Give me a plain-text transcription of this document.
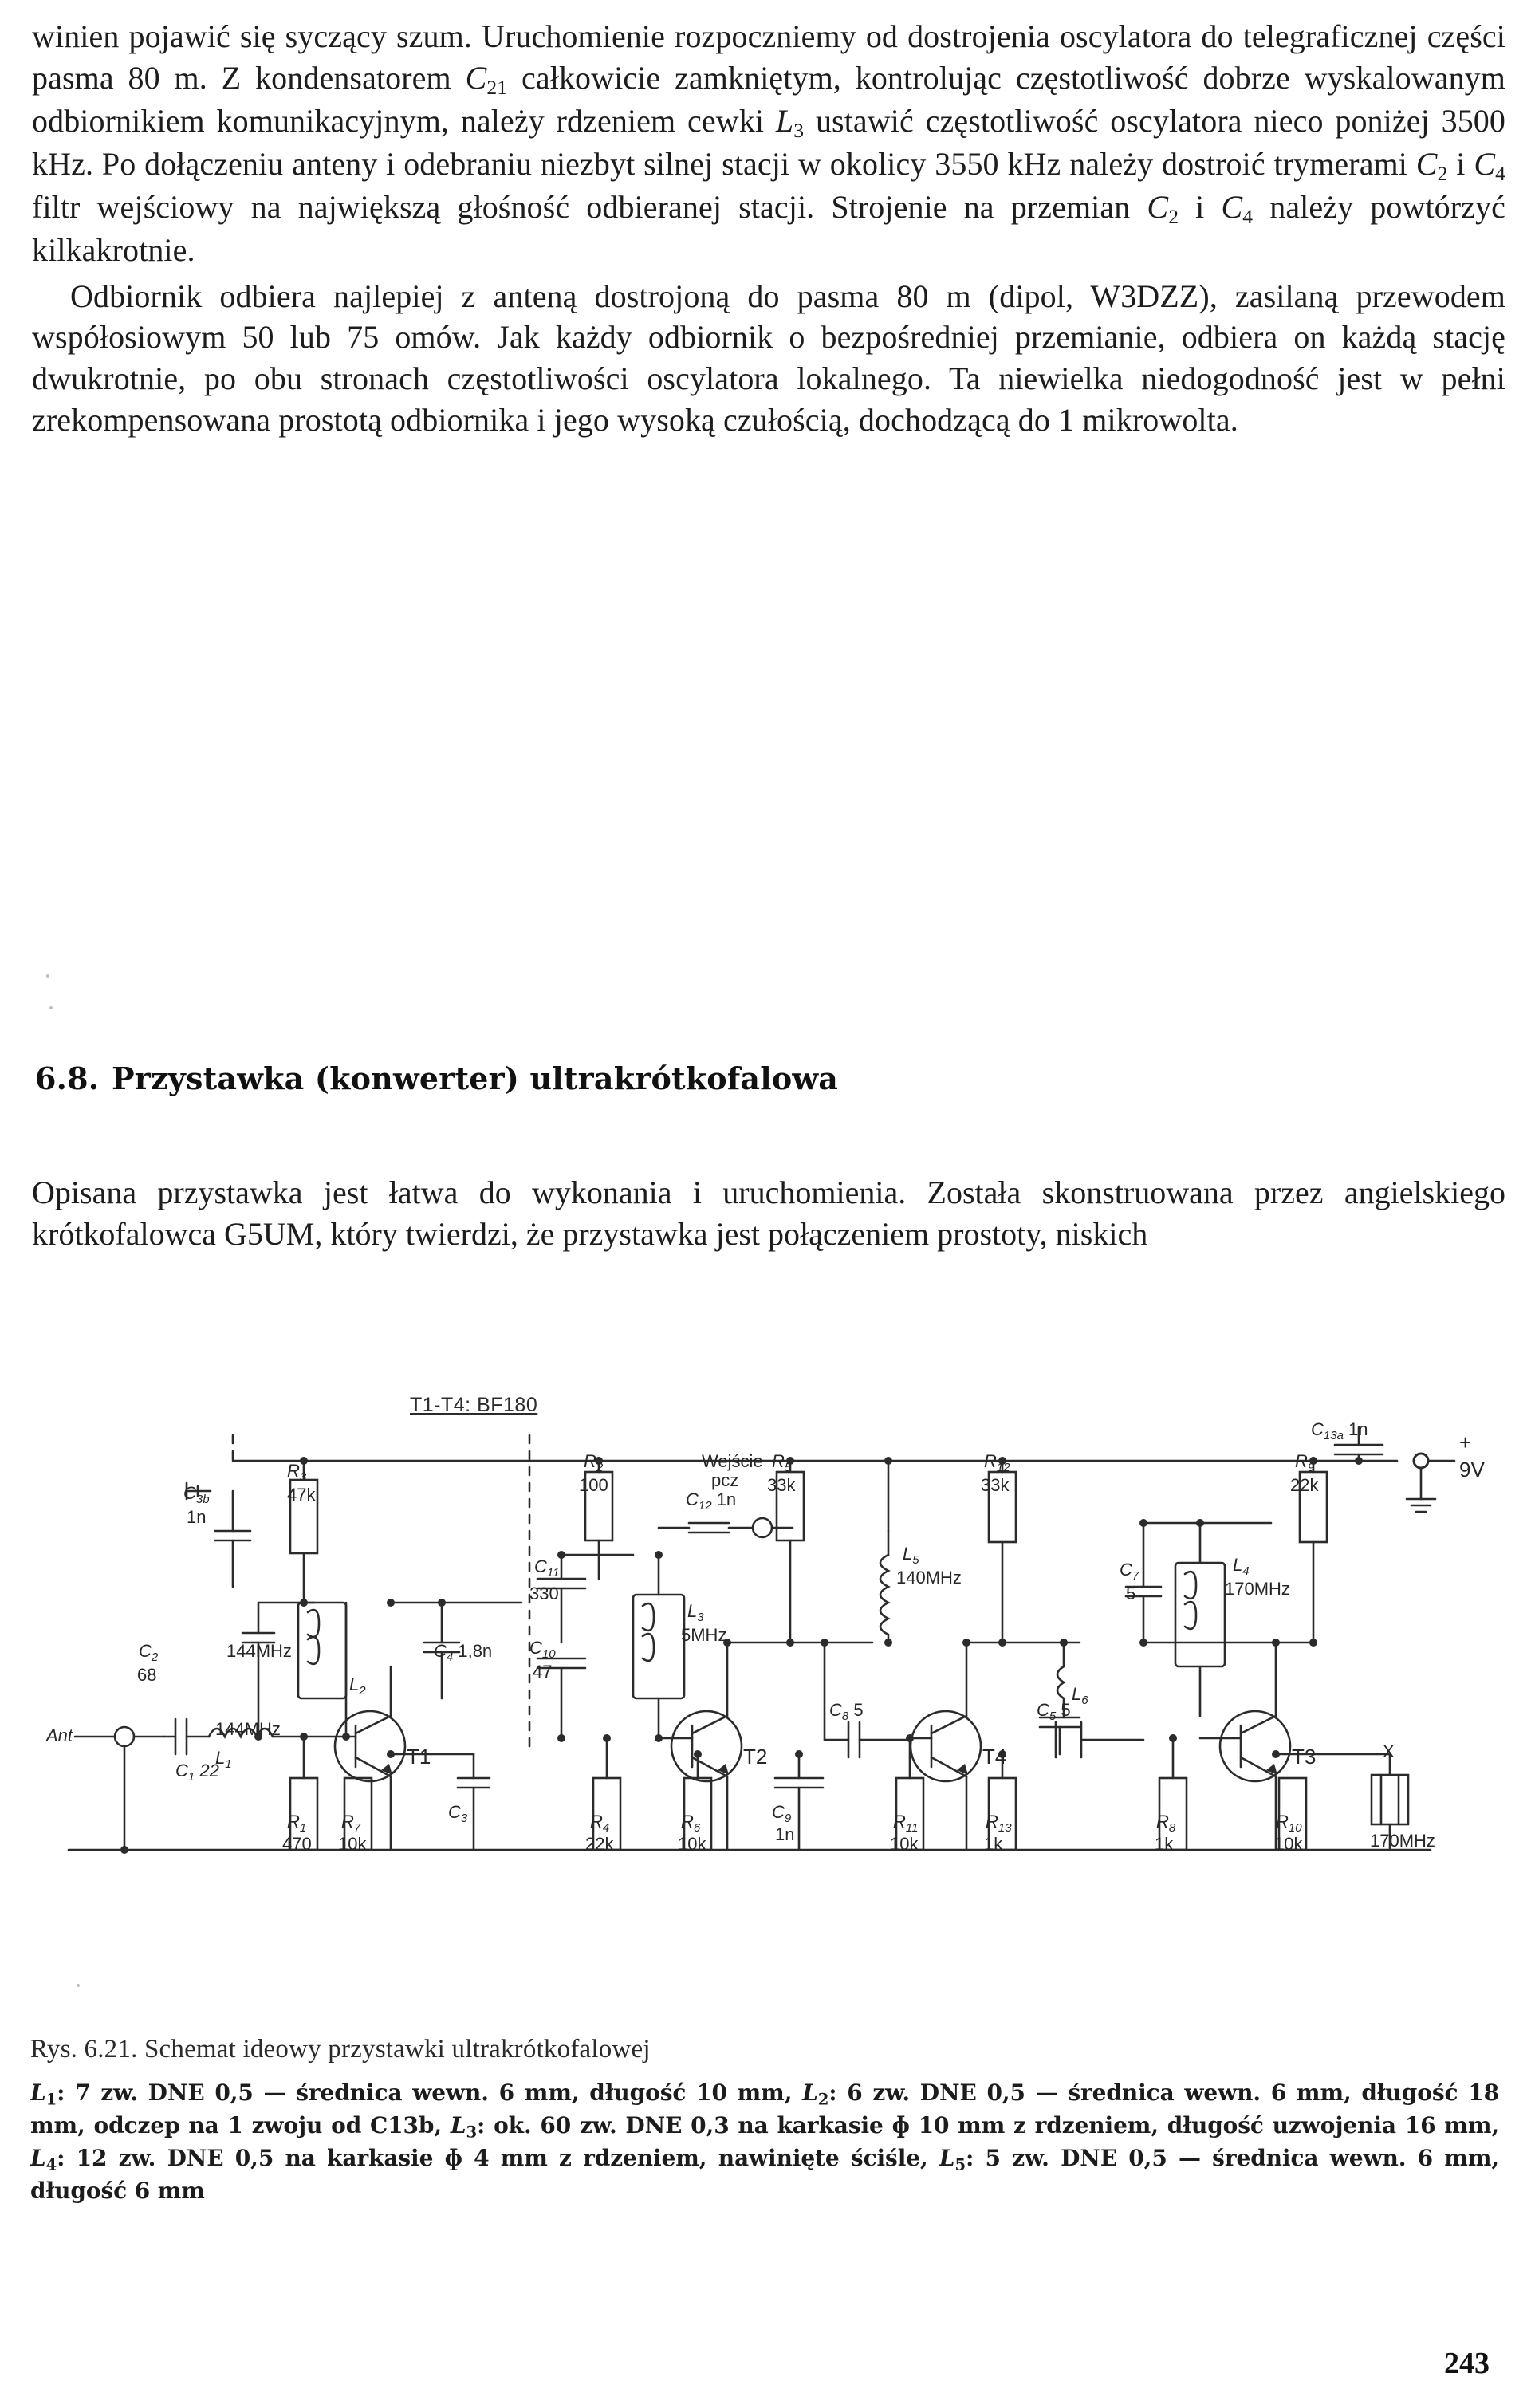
winien pojawić się syczący szum. Uruchomienie rozpoczniemy od dostrojenia oscylatora do telegraficznej części pasma 80 m. Z kondensatorem $C_{21}$ całkowicie zamkniętym, kontrolując częstotliwość dobrze wyskalowanym odbiornikiem komunikacyjnym, należy rdzeniem cewki $L_3$ ustawić częstotliwość oscylatora nieco poniżej 3500 kHz. Po dołączeniu anteny i odebraniu niezbyt silnej stacji w okolicy 3550 kHz należy dostroić trymerami $C_2$ i $C_4$ filtr wejściowy na największą głośność odbieranej stacji. Strojenie na przemian $C_2$ i $C_4$ należy powtórzyć kilkakrotnie.

Odbiornik odbiera najlepiej z anteną dostrojoną do pasma 80 m (dipol, W3DZZ), zasilaną przewodem współosiowym 50 lub 75 omów. Jak każdy odbiornik o bezpośredniej przemianie, odbiera on każdą stację dwukrotnie, po obu stronach częstotliwości oscylatora lokalnego. Ta niewielka niedogodność jest w pełni zrekompensowana prostotą odbiornika i jego wysoką czułością, dochodzącą do 1 mikrowolta.

6.8. Przystawka (konwerter) ultrakrótkofalowa

Opisana przystawka jest łatwa do wykonania i uruchomienia. Została skonstruowana przez angielskiego krótkofalowca G5UM, który twierdzi, że przystawka jest połączeniem prostoty, niskich

T1-T4: BF180
Ant
$C_1$ 22
$L_1$
144MHz
$C_{3b}$
1n
$C_2$
68
$R_3$
47k
144MHz
$L_2$
T1
$R_1$
470
$R_7$
10k
$C_3$
$C_4$ 1,8n
$C_{11}$
330
$C_{10}$
47
$R_2$
100
$L_3$
5MHz
$C_{12}$ 1n
Wejście
pcz
$R_5$
33k
T2
$R_4$
22k
$R_6$
10k
$C_9$
1n
$C_8$ 5
$L_5$
140MHz
$R_{12}$
33k
T4
$R_{11}$
10k
$R_{13}$
1k
$C_5$ 5
$L_6$
$C_7$
5
$L_4$
170MHz
T3
$R_8$
1k
$R_{10}$
10k
$R_9$
22k
$C_{13a}$ 1n
X
170MHz
+
9V
Rys. 6.21. Schemat ideowy przystawki ultrakrótkofalowej
$L_1$: 7 zw. DNE 0,5 — średnica wewn. 6 mm, długość 10 mm, $L_2$: 6 zw. DNE 0,5 — średnica wewn. 6 mm, długość 18 mm, odczep na 1 zwoju od C13b, $L_3$: ok. 60 zw. DNE 0,3 na karkasie ɸ 10 mm z rdzeniem, długość uzwojenia 16 mm, $L_4$: 12 zw. DNE 0,5 na karkasie ɸ 4 mm z rdzeniem, nawinięte ściśle, $L_5$: 5 zw. DNE 0,5 — średnica wewn. 6 mm, długość 6 mm
243
